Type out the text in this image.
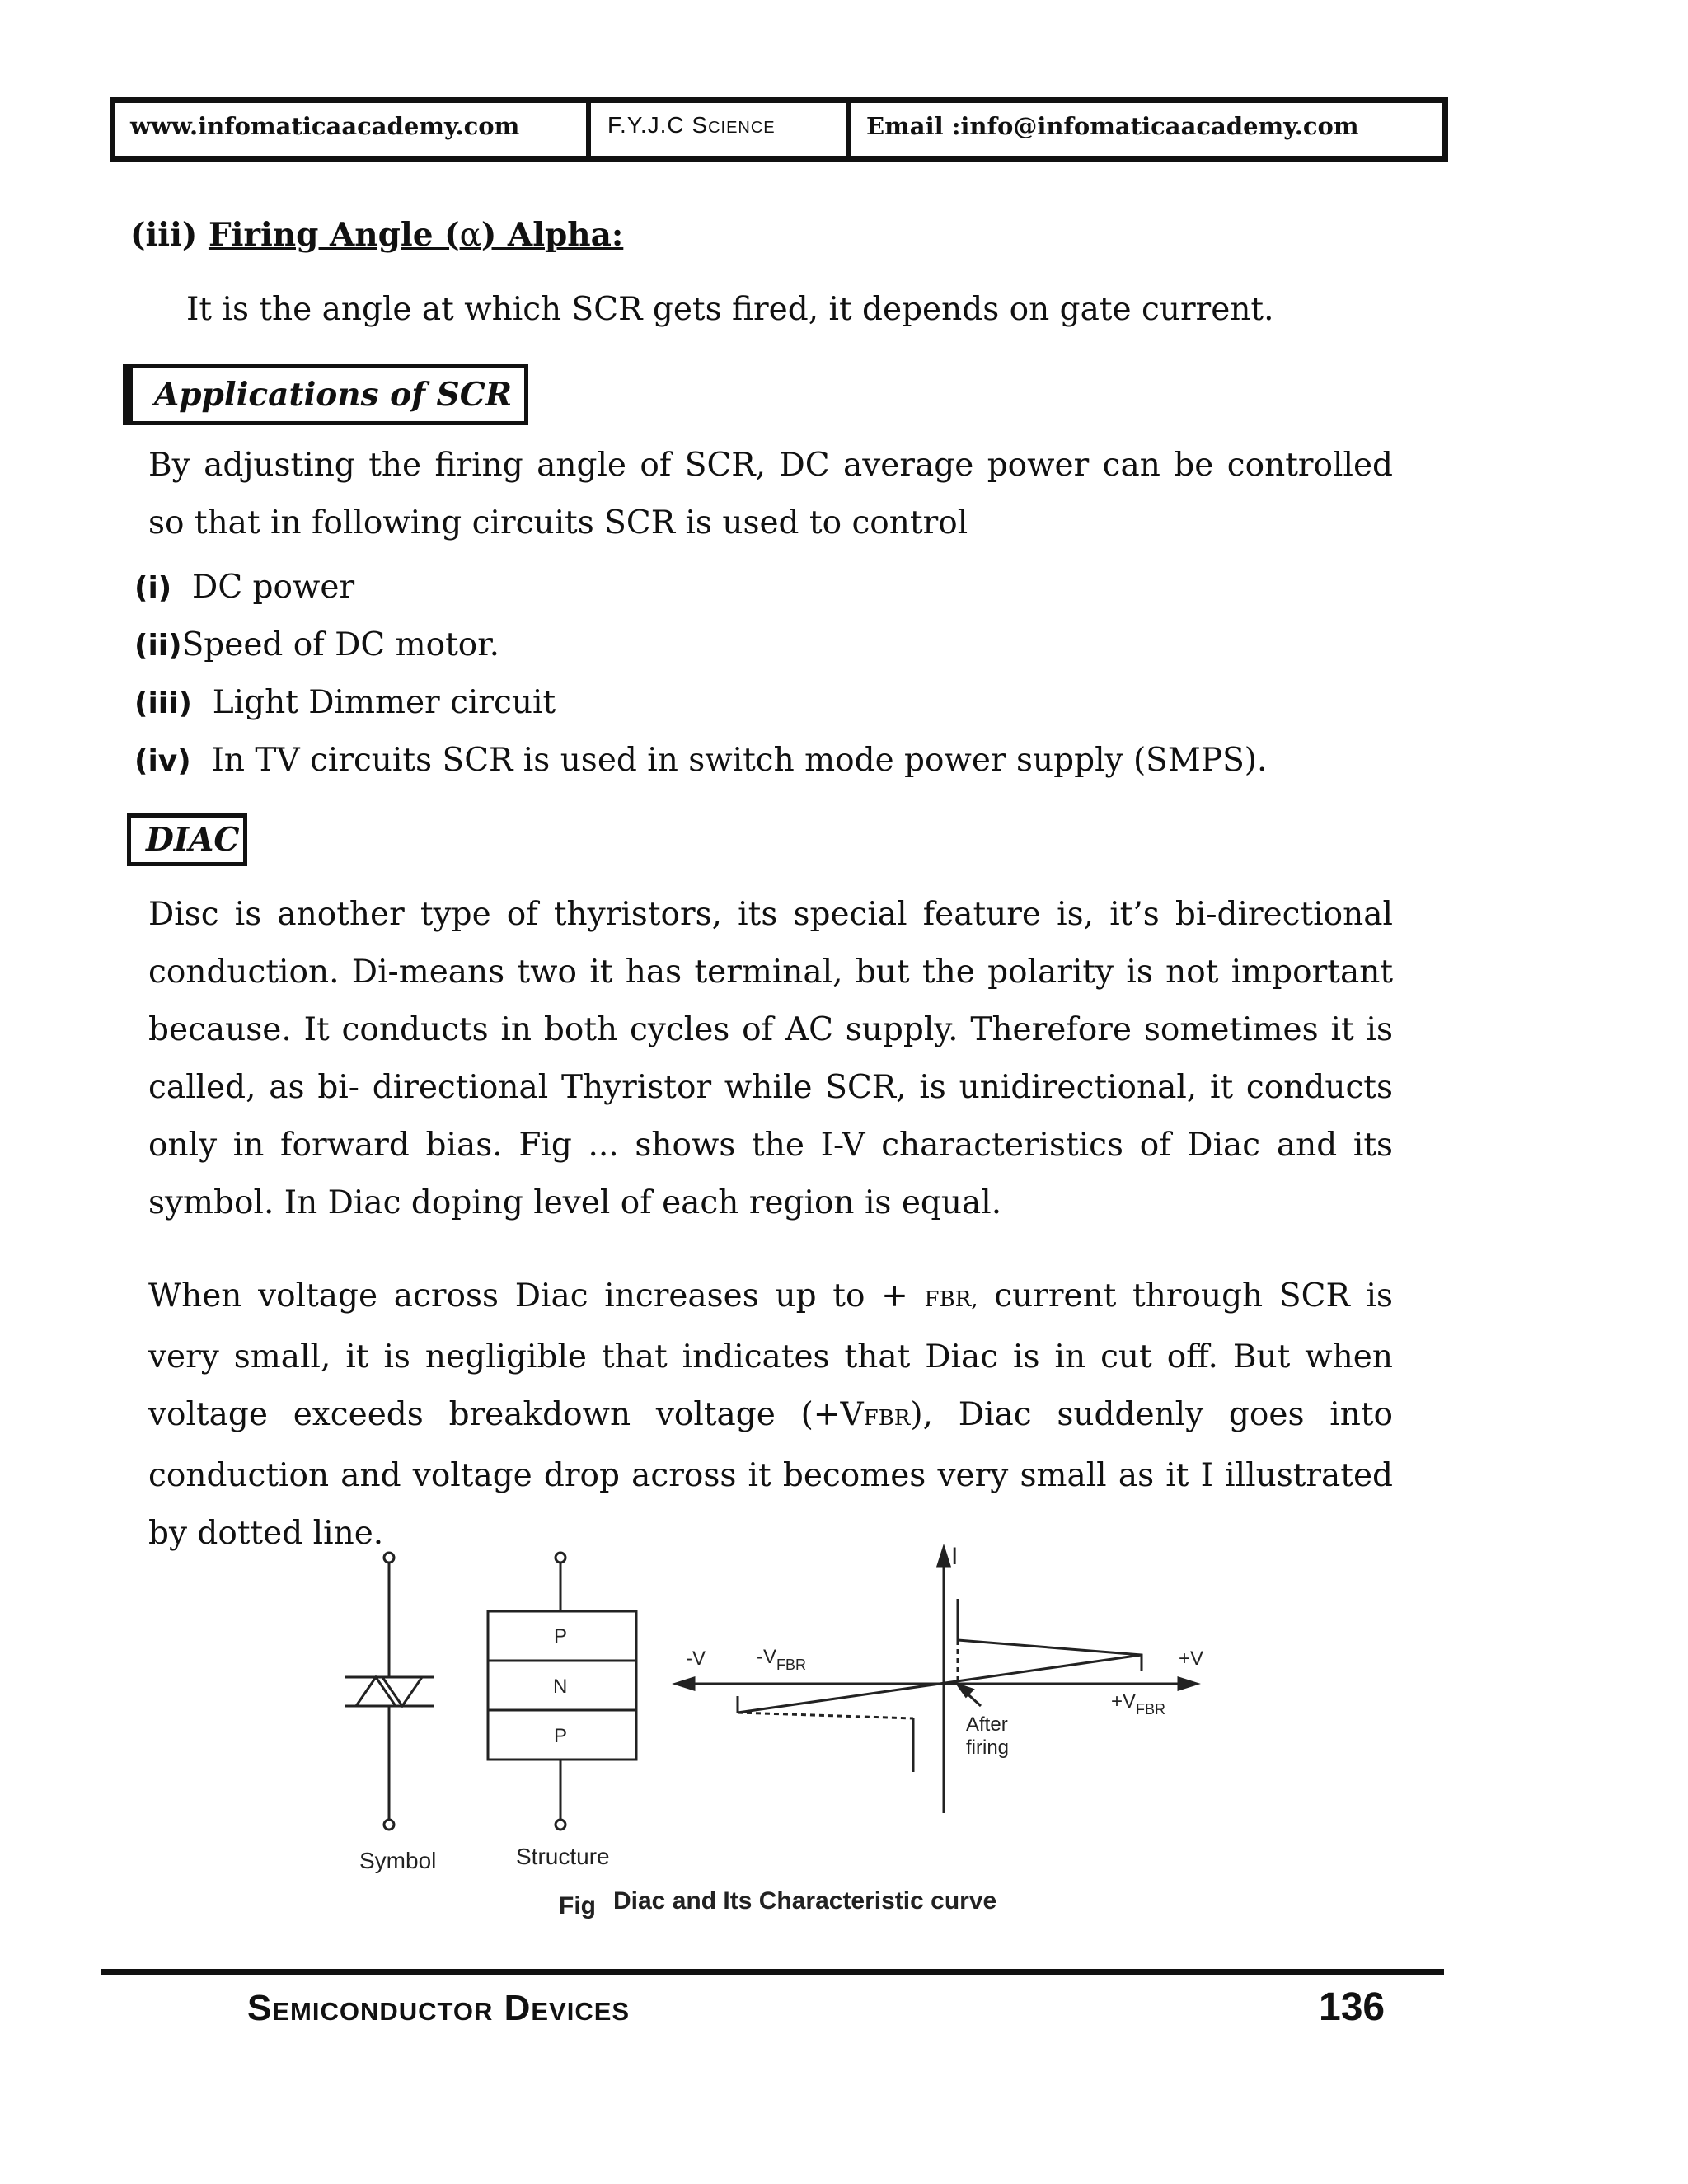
www.infomaticaacademy.com	F.Y.J.C Science	Email :info@infomaticaacademy.com
(iii) Firing Angle (α) Alpha:
It is the angle at which SCR gets fired, it depends on gate current.
Applications of SCR
By adjusting the firing angle of SCR, DC average power can be controlled so that in following circuits SCR is used to control
(i) DC power
(ii)Speed of DC motor.
(iii) Light Dimmer circuit
(iv) In TV circuits SCR is used in switch mode power supply (SMPS).
DIAC
Disc is another type of thyristors, its special feature is, it’s bi-directional conduction. Di-means two it has terminal, but the polarity is not important because. It conducts in both cycles of AC supply. Therefore sometimes it is called, as bi- directional Thyristor while SCR, is unidirectional, it conducts only in forward bias. Fig ... shows the I-V characteristics of Diac and its symbol. In Diac doping level of each region is equal.
When voltage across Diac increases up to + FBR, current through SCR is very small, it is negligible that indicates that Diac is in cut off. But when voltage exceeds breakdown voltage (+VFBR), Diac suddenly goes into conduction and voltage drop across it becomes very small as it I illustrated by dotted line.
Symbol
P
N
P
Structure
I
-V	$-V_{FBR}$	+V
$+V_{FBR}$
After
firing
Fig Diac and Its Characteristic curve
Semiconductor Devices	136
